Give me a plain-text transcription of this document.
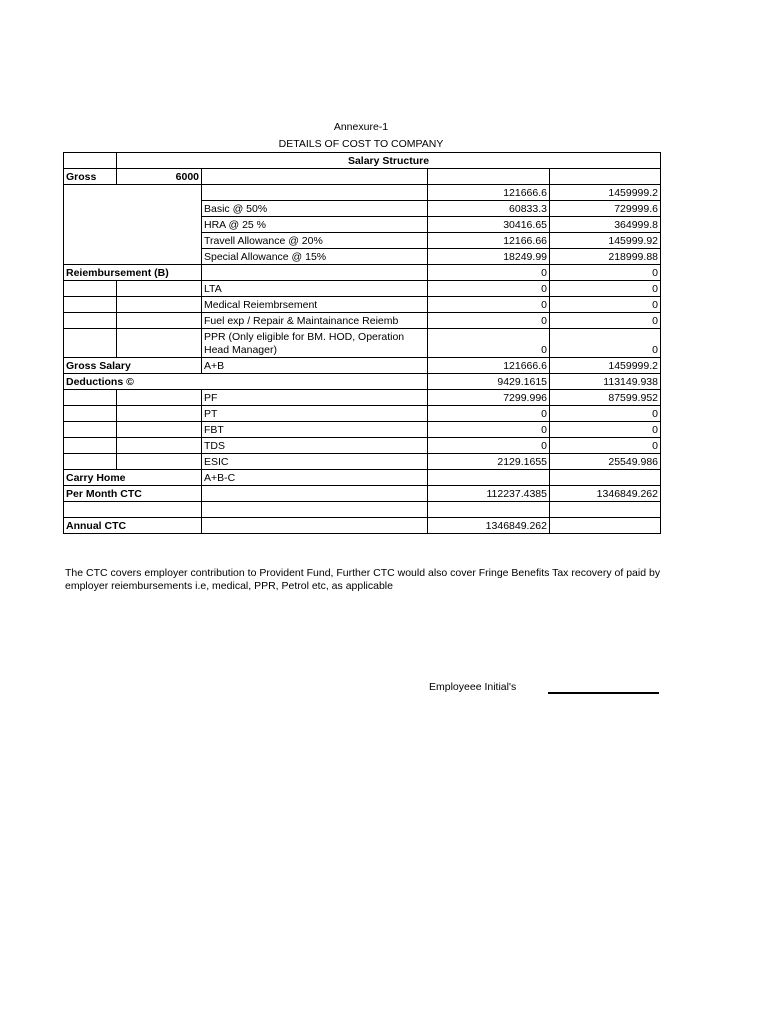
Annexure-1
DETAILS OF COST TO COMPANY
	Salary Structure			
Gross	6000			
			121666.6	1459999.2
		Basic @ 50%	60833.3	729999.6
		HRA @ 25 %	30416.65	364999.8
		Travell Allowance @ 20%	12166.66	145999.92
		Special Allowance @ 15%	18249.99	218999.88
Reiembursement (B)			0	0
		LTA	0	0
		Medical Reiembrsement	0	0
		Fuel exp / Repair & Maintainance Reiemb	0	0
		PPR (Only eligible for BM. HOD, Operation Head Manager)	0	0
Gross Salary		A+B	121666.6	1459999.2
Deductions ©			9429.1615	113149.938
		PF	7299.996	87599.952
		PT	0	0
		FBT	0	0
		TDS	0	0
		ESIC	2129.1655	25549.986
Carry Home		A+B-C		
Per Month CTC			112237.4385	1346849.262

Annual CTC			1346849.262	
The CTC covers employer contribution to Provident Fund, Further CTC would also cover Fringe Benefits Tax recovery of paid by employer reiembursements i.e, medical, PPR, Petrol etc, as applicable
Employeee Initial's
